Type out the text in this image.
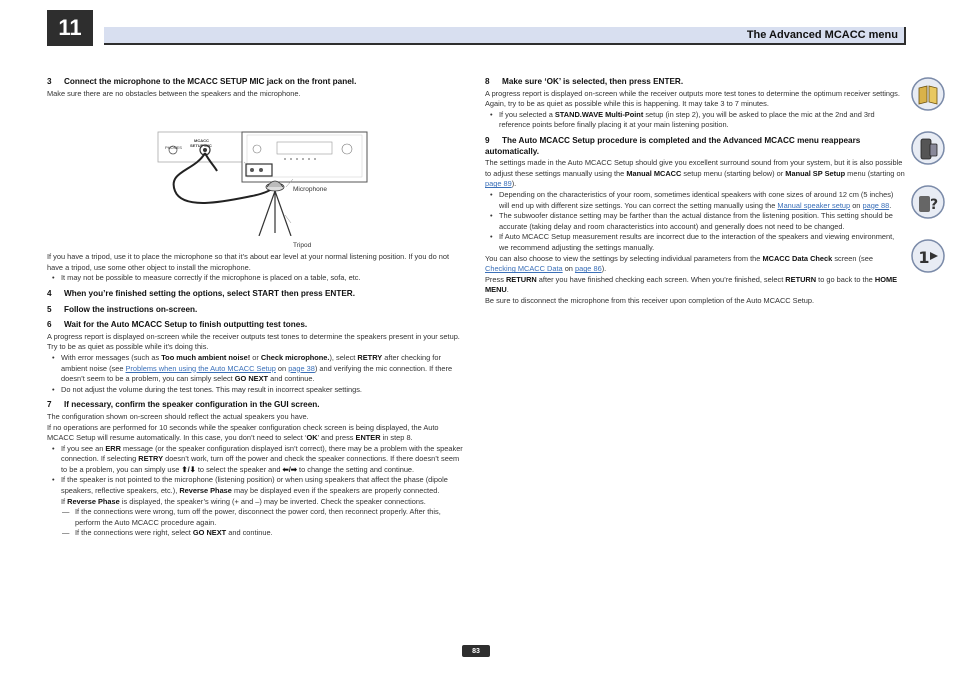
11	The Advanced MCACC menu
3 Connect the microphone to the MCACC SETUP MIC jack on the front panel.

Make sure there are no obstacles between the speakers and the microphone.

PHONES
MCACC
SETUP MIC
Microphone
Tripod

If you have a tripod, use it to place the microphone so that it’s about ear level at your normal listening position. If you do not have a tripod, use some other object to install the microphone.

• It may not be possible to measure correctly if the microphone is placed on a table, sofa, etc.
4 When you’re finished setting the options, select START then press ENTER.
5 Follow the instructions on-screen.
6 Wait for the Auto MCACC Setup to finish outputting test tones.

A progress report is displayed on-screen while the receiver outputs test tones to determine the speakers present in your setup. Try to be as quiet as possible while it’s doing this.

• With error messages (such as Too much ambient noise! or Check microphone.), select RETRY after checking for ambient noise (see Problems when using the Auto MCACC Setup on page 38) and verifying the mic connection. If there doesn’t seem to be a problem, you can simply select GO NEXT and continue.
• Do not adjust the volume during the test tones. This may result in incorrect speaker settings.
7 If necessary, confirm the speaker configuration in the GUI screen.

The configuration shown on-screen should reflect the actual speakers you have.

If no operations are performed for 10 seconds while the speaker configuration check screen is being displayed, the Auto MCACC Setup will resume automatically. In this case, you don’t need to select ‘OK’ and press ENTER in step 8.

• If you see an ERR message (or the speaker configuration displayed isn’t correct), there may be a problem with the speaker connection. If selecting RETRY doesn’t work, turn off the power and check the speaker connections. If there doesn’t seem to be a problem, you can simply use ⬆/⬇ to select the speaker and ⬅/➡ to change the setting and continue.
• If the speaker is not pointed to the microphone (listening position) or when using speakers that affect the phase (dipole speakers, reflective speakers, etc.), Reverse Phase may be displayed even if the speakers are properly connected.
If Reverse Phase is displayed, the speaker’s wiring (+ and –) may be inverted. Check the speaker connections.
— If the connections were wrong, turn off the power, disconnect the power cord, then reconnect properly. After this, perform the Auto MCACC procedure again.
— If the connections were right, select GO NEXT and continue.
8 Make sure ‘OK’ is selected, then press ENTER.

A progress report is displayed on-screen while the receiver outputs more test tones to determine the optimum receiver settings.

Again, try to be as quiet as possible while this is happening. It may take 3 to 7 minutes.

• If you selected a STAND.WAVE Multi-Point setup (in step 2), you will be asked to place the mic at the 2nd and 3rd reference points before finally placing it at your main listening position.
9 The Auto MCACC Setup procedure is completed and the Advanced MCACC menu reappears automatically.

The settings made in the Auto MCACC Setup should give you excellent surround sound from your system, but it is also possible to adjust these settings manually using the Manual MCACC setup menu (starting below) or Manual SP Setup menu (starting on page 89).

• Depending on the characteristics of your room, sometimes identical speakers with cone sizes of around 12 cm (5 inches) will end up with different size settings. You can correct the setting manually using the Manual speaker setup on page 88.
• The subwoofer distance setting may be farther than the actual distance from the listening position. This setting should be accurate (taking delay and room characteristics into account) and generally does not need to be changed.
• If Auto MCACC Setup measurement results are incorrect due to the interaction of the speakers and viewing environment, we recommend adjusting the settings manually.

You can also choose to view the settings by selecting individual parameters from the MCACC Data Check screen (see Checking MCACC Data on page 86).

Press RETURN after you have finished checking each screen. When you’re finished, select RETURN to go back to the HOME MENU.

Be sure to disconnect the microphone from this receiver upon completion of the Auto MCACC Setup.

?
1
83
